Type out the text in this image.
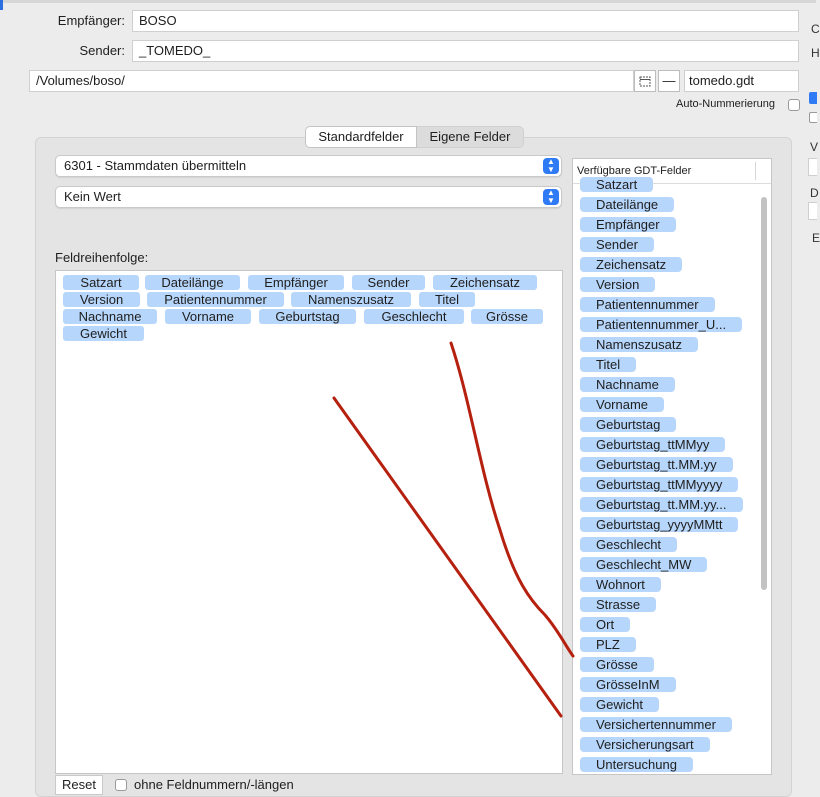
Empfänger:	BOSO
Sender:	_TOMEDO_
/Volumes/boso/	—	tomedo.gdt
Auto-Nummerierung
Standardfelder	Eigene Felder
6301 - Stammdaten übermitteln	▲
▼
Kein Wert	▲
▼
Feldreihenfolge:
Satzart	Dateilänge	Empfänger	Sender	Zeichensatz
Version	Patientennummer	Namenszusatz	Titel
Nachname	Vorname	Geburtstag	Geschlecht	Grösse
Gewicht
Verfügbare GDT-Felder
Satzart
Dateilänge
Empfänger
Sender
Zeichensatz
Version
Patientennummer
Patientennummer_U...
Namenszusatz
Titel
Nachname
Vorname
Geburtstag
Geburtstag_ttMMyy
Geburtstag_tt.MM.yy
Geburtstag_ttMMyyyy
Geburtstag_tt.MM.yy...
Geburtstag_yyyyMMtt
Geschlecht
Geschlecht_MW
Wohnort
Strasse
Ort
PLZ
Grösse
GrösseInM
Gewicht
Versichertennummer
Versicherungsart
Untersuchung
Reset	ohne Feldnummern/-längen
C
H
V
D
E
